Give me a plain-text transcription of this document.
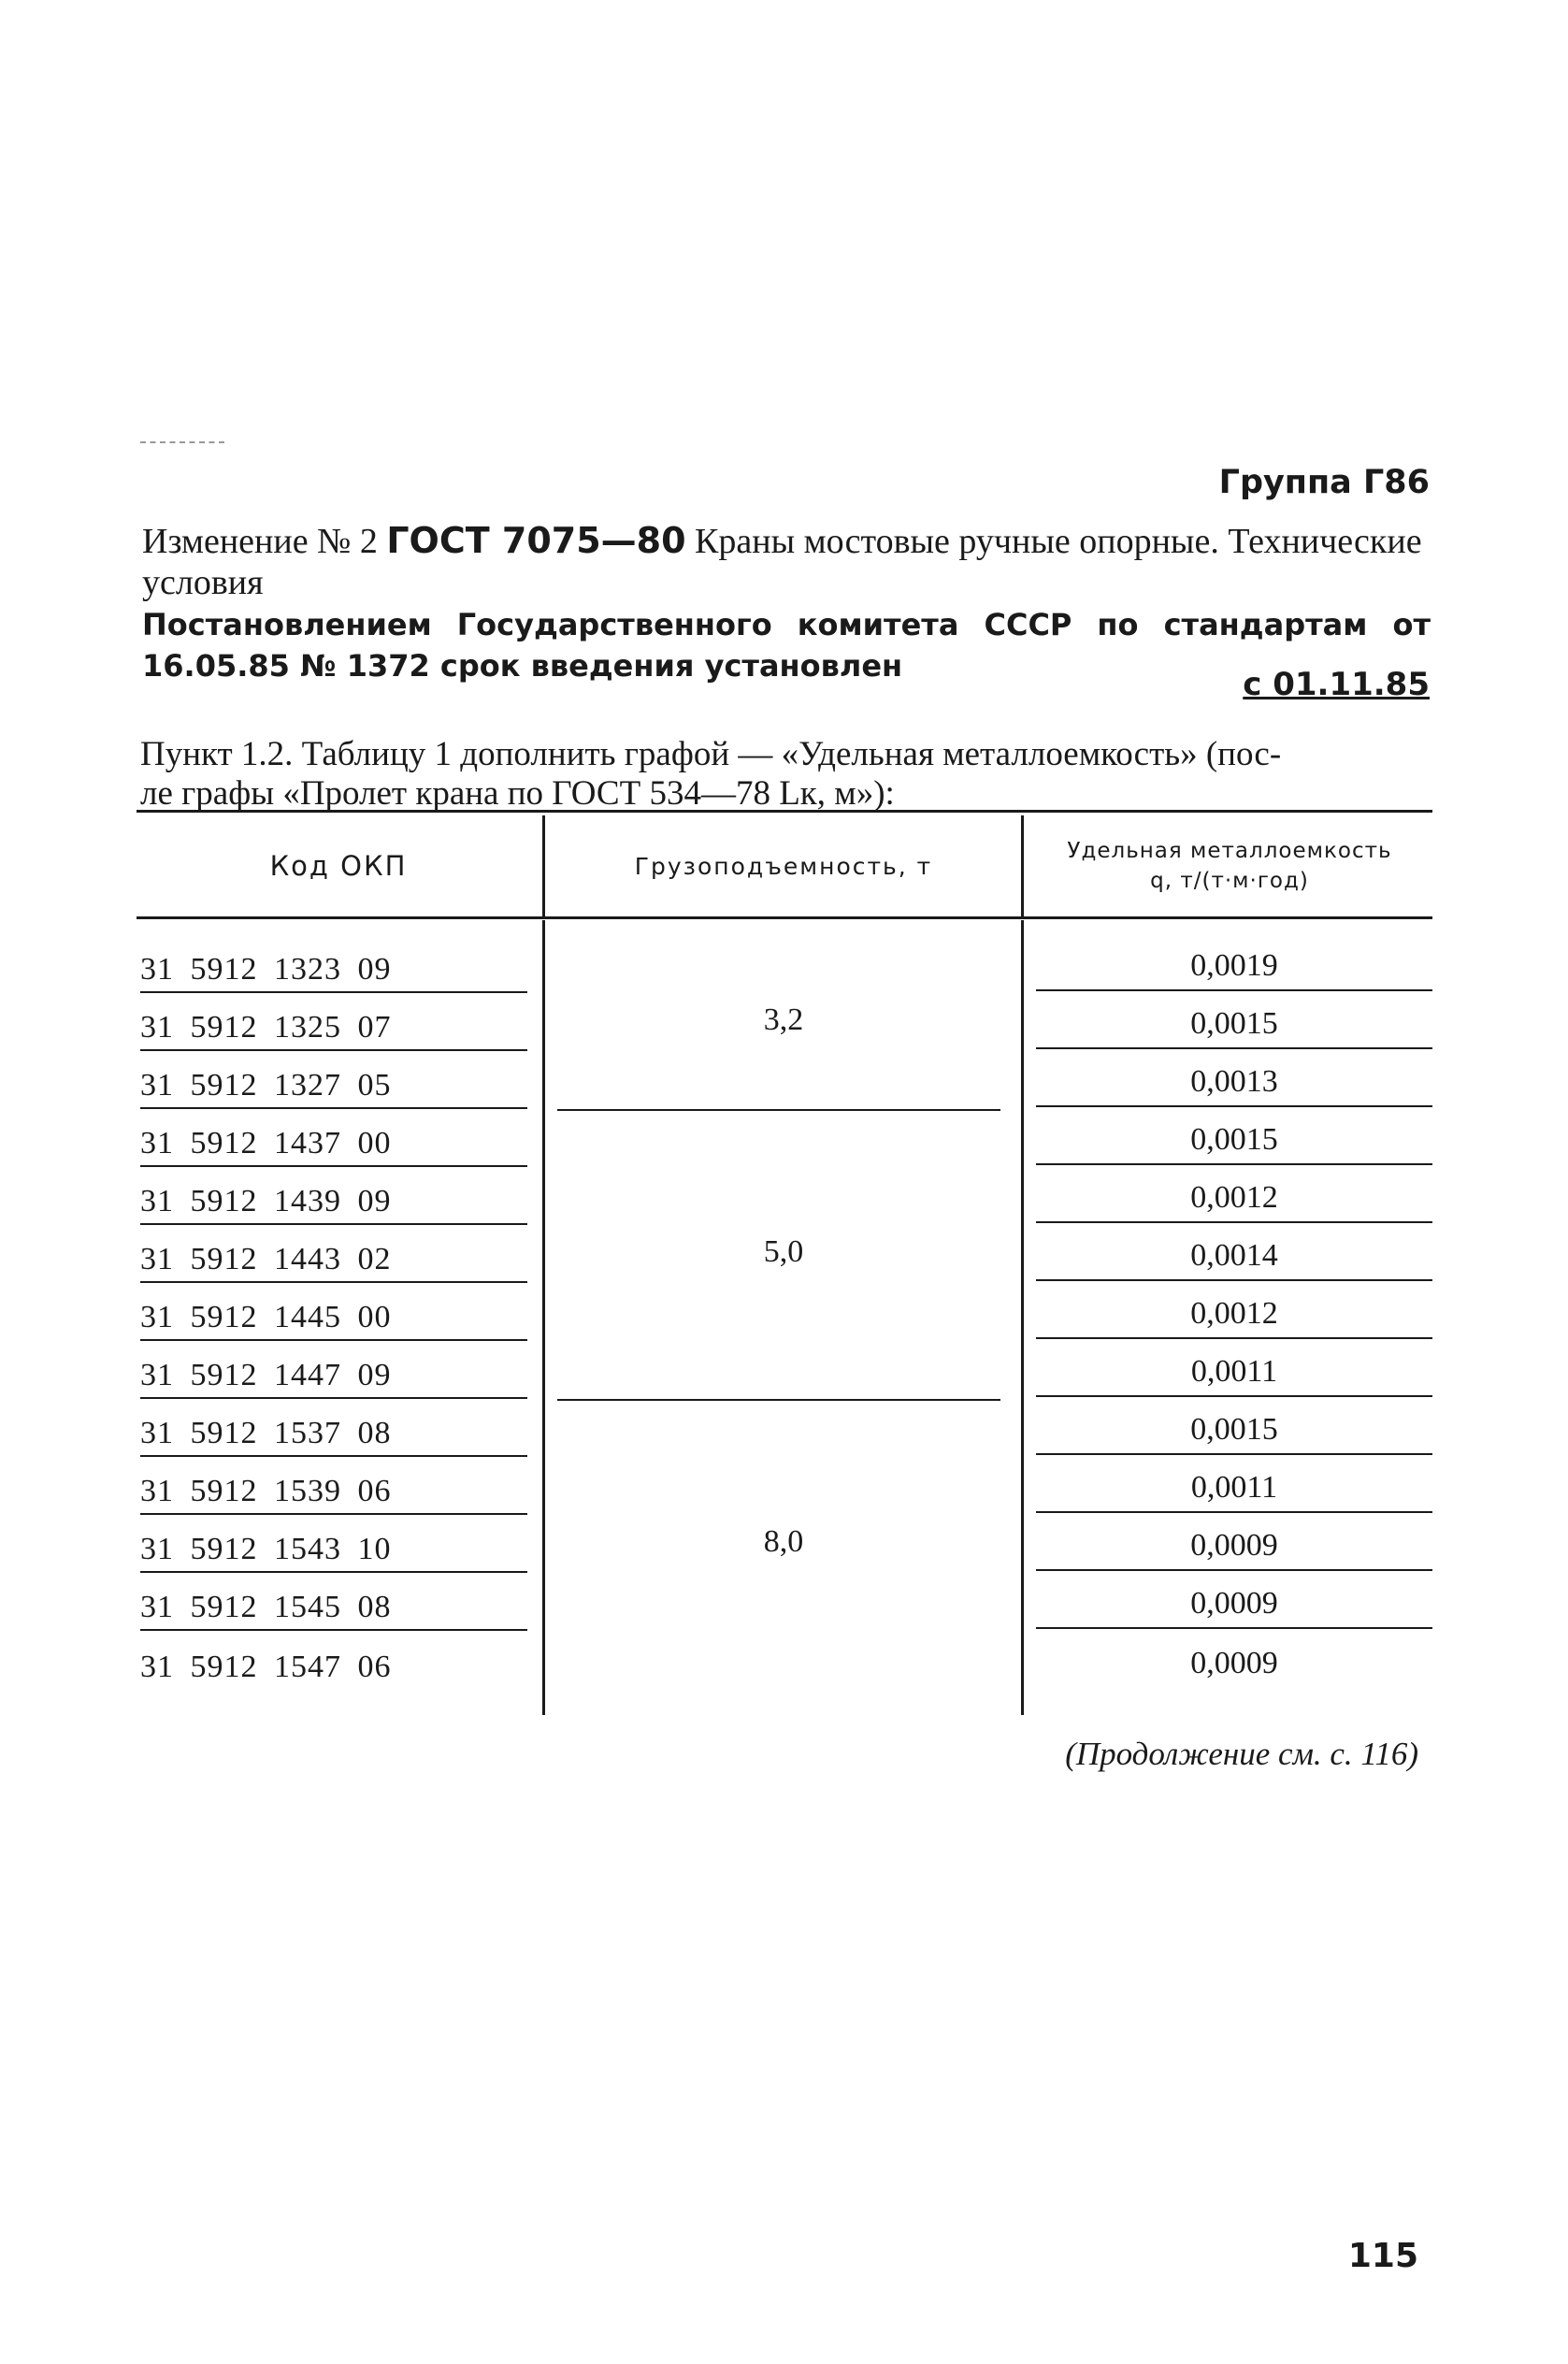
Группа Г86
Изменение № 2 ГОСТ 7075—80 Краны мостовые ручные опорные. Технические условия
Постановлением Государственного комитета СССР по стандартам от 16.05.85 № 1372 срок введения установлен	с 01.11.85
Пункт 1.2. Таблицу 1 дополнить графой — «Удельная металлоемкость» (пос-
ле графы «Пролет крана по ГОСТ 534—78 Lк, м»):
Код ОКП	Грузоподъемность, т
Удельная металлоемкость
q, т/(т·м·год)
31 5912 1323 09
31 5912 1325 07
31 5912 1327 05
31 5912 1437 00
31 5912 1439 09
31 5912 1443 02
31 5912 1445 00
31 5912 1447 09
31 5912 1537 08
31 5912 1539 06
31 5912 1543 10
31 5912 1545 08
31 5912 1547 06
0,0019
0,0015
0,0013
0,0015
0,0012
0,0014
0,0012
0,0011
0,0015
0,0011
0,0009
0,0009
0,0009
3,2
5,0
8,0
(Продолжение см. с. 116)
115
